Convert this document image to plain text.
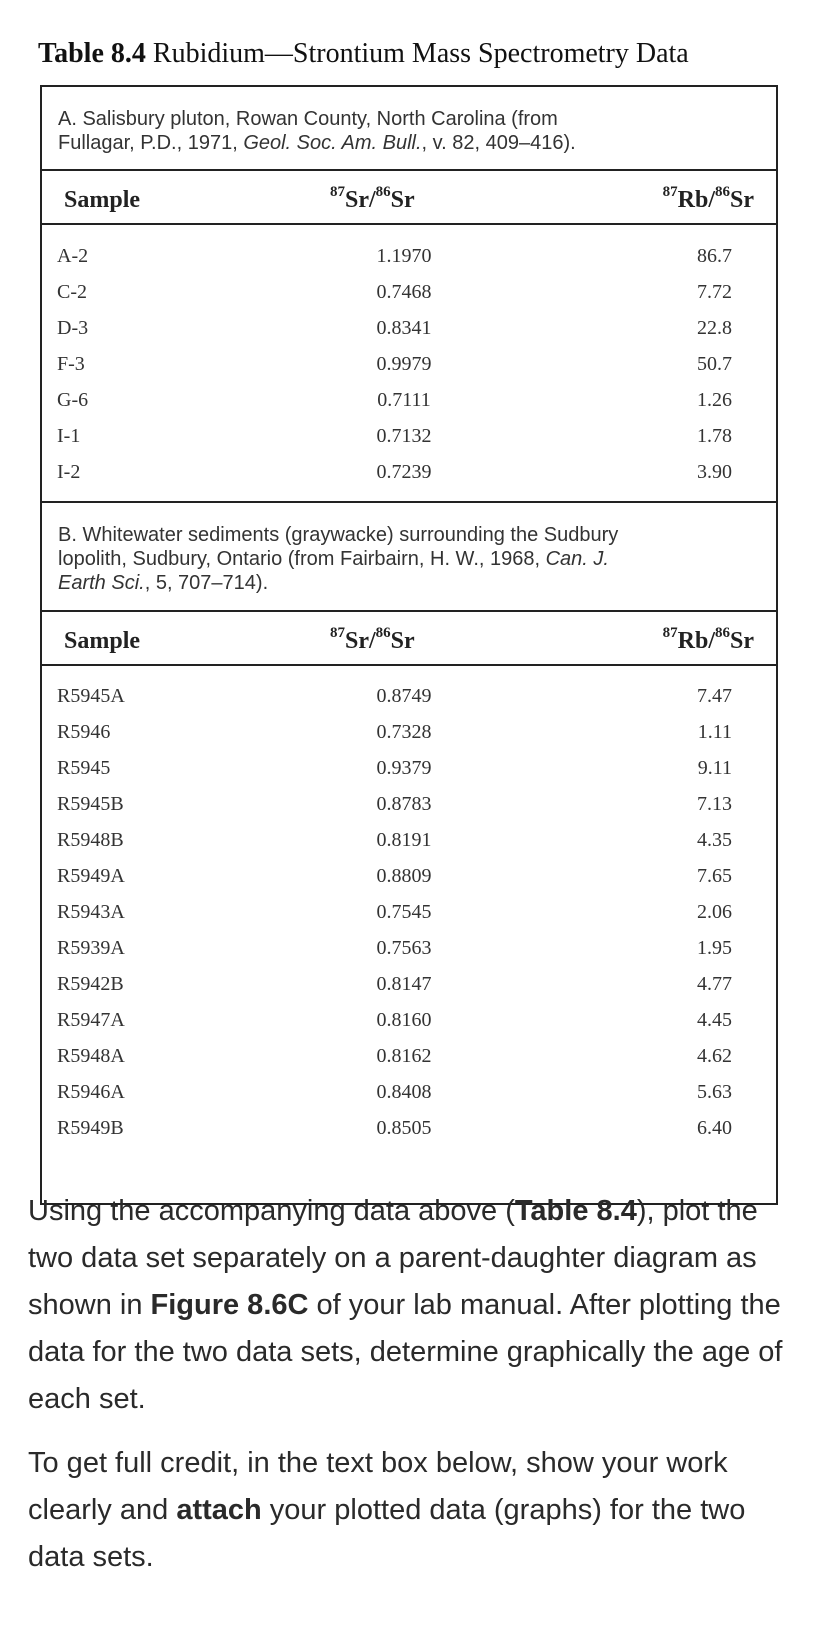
Table 8.4 Rubidium—Strontium Mass Spectrometry Data
A. Salisbury pluton, Rowan County, North Carolina (from
Fullagar, P.D., 1971, Geol. Soc. Am. Bull., v. 82, 409–416).
Sample	$^{87}$Sr/$^{86}$Sr	$^{87}$Rb/$^{86}$Sr
A-2	1.1970	86.7
C-2	0.7468	7.72
D-3	0.8341	22.8
F-3	0.9979	50.7
G-6	0.7111	1.26
I-1	0.7132	1.78
I-2	0.7239	3.90
B. Whitewater sediments (graywacke) surrounding the Sudbury
lopolith, Sudbury, Ontario (from Fairbairn, H. W., 1968, Can. J.
Earth Sci., 5, 707–714).
Sample	$^{87}$Sr/$^{86}$Sr	$^{87}$Rb/$^{86}$Sr
R5945A	0.8749	7.47
R5946	0.7328	1.11
R5945	0.9379	9.11
R5945B	0.8783	7.13
R5948B	0.8191	4.35
R5949A	0.8809	7.65
R5943A	0.7545	2.06
R5939A	0.7563	1.95
R5942B	0.8147	4.77
R5947A	0.8160	4.45
R5948A	0.8162	4.62
R5946A	0.8408	5.63
R5949B	0.8505	6.40
Using the accompanying data above (Table 8.4), plot the two data set separately on a parent-daughter diagram as shown in Figure 8.6C of your lab manual. After plotting the data for the two data sets, determine graphically the age of each set.
To get full credit, in the text box below, show your work clearly and attach your plotted data (graphs) for the two data sets.
